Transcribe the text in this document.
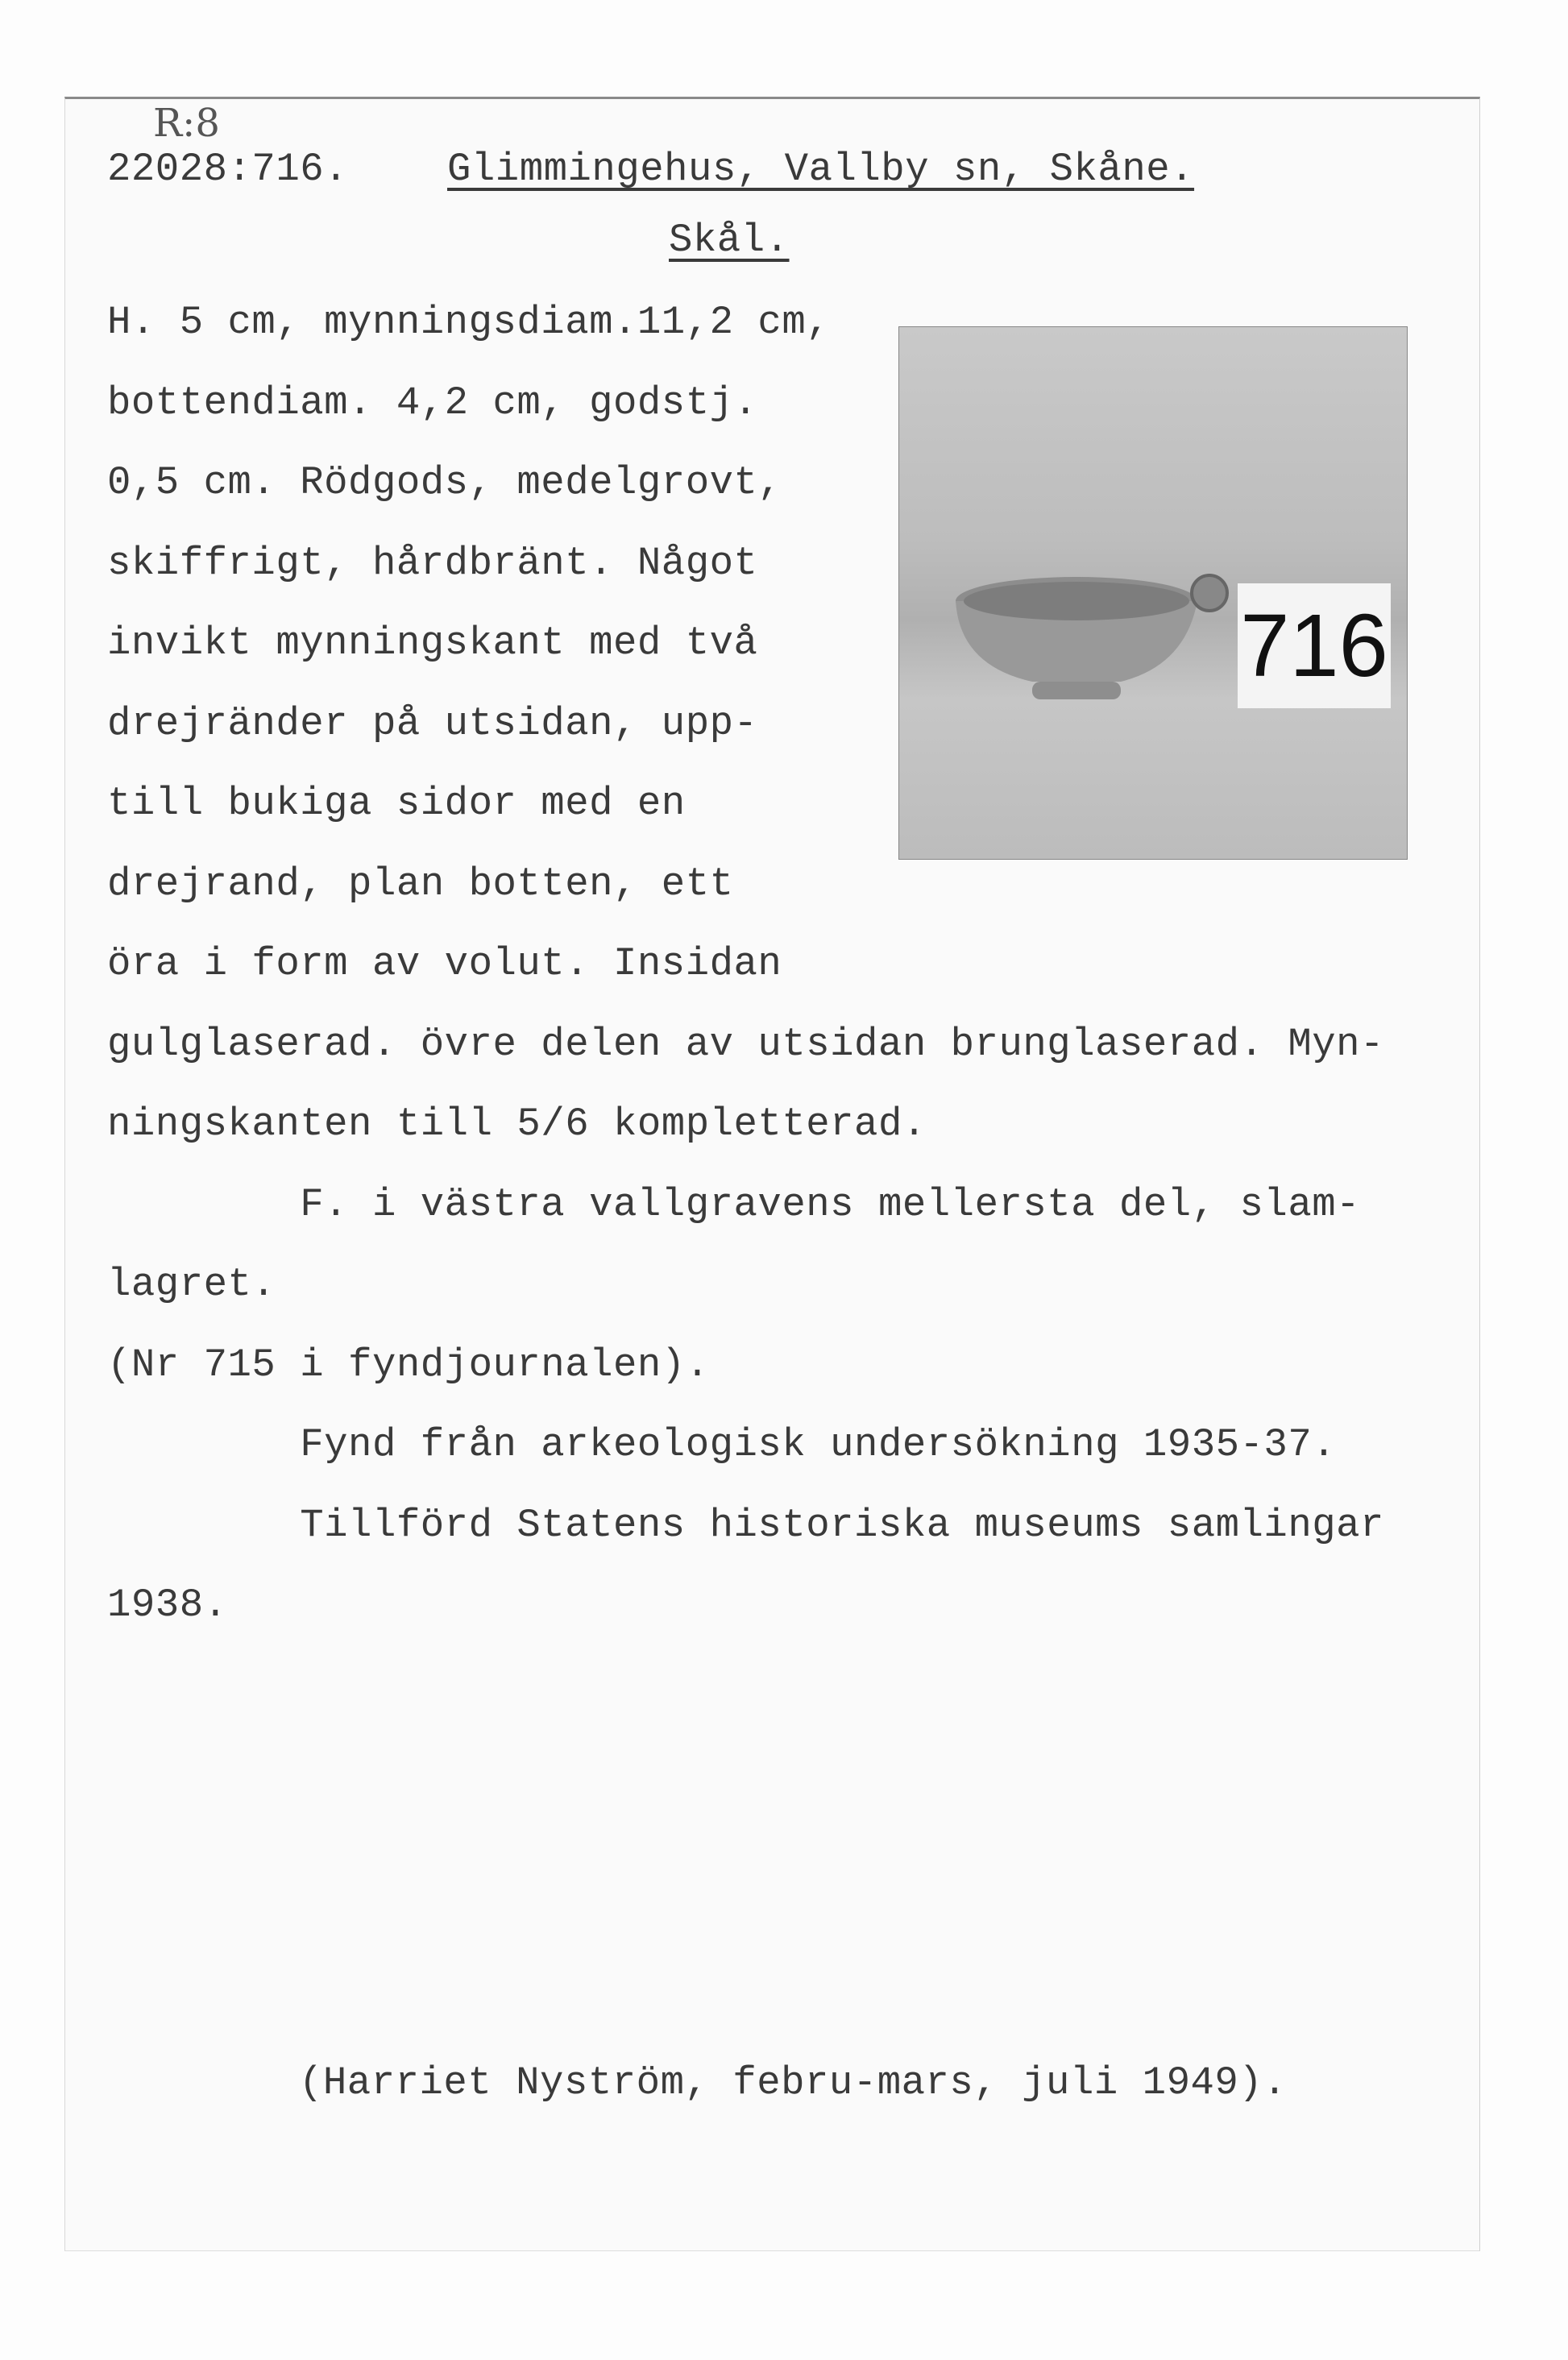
R:8
22028:716.	Glimmingehus, Vallby sn, Skåne.
Skål.
716
H. 5 cm, mynningsdiam.11,2 cm,
bottendiam. 4,2 cm, godstj.
0,5 cm. Rödgods, medelgrovt,
skiffrigt, hårdbränt. Något
invikt mynningskant med två
drejränder på utsidan, upp-
till bukiga sidor med en
drejrand, plan botten, ett
öra i form av volut. Insidan
gulglaserad. övre delen av utsidan brunglaserad. Myn-
ningskanten till 5/6 kompletterad.
F. i västra vallgravens mellersta del, slam-
lagret.
(Nr 715 i fyndjournalen).
Fynd från arkeologisk undersökning 1935-37.
Tillförd Statens historiska museums samlingar
1938.
(Harriet Nyström, febru-mars, juli 1949).
